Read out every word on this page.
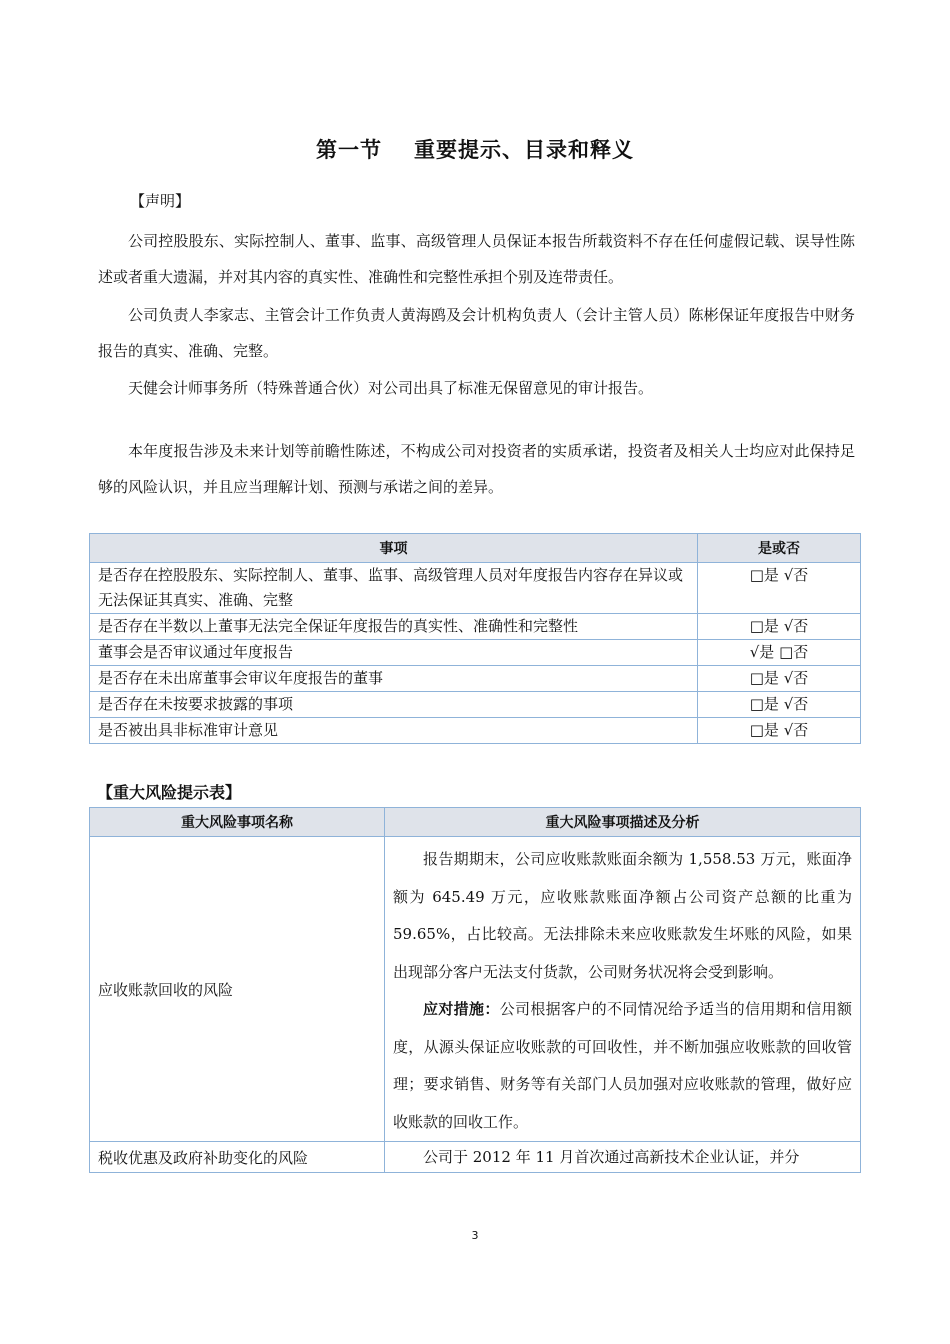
第一节 重要提示、目录和释义
【声明】
公司控股股东、实际控制人、董事、监事、高级管理人员保证本报告所载资料不存在任何虚假记载、误导性陈述或者重大遗漏，并对其内容的真实性、准确性和完整性承担个别及连带责任。
公司负责人李家志、主管会计工作负责人黄海鸥及会计机构负责人（会计主管人员）陈彬保证年度报告中财务报告的真实、准确、完整。
天健会计师事务所（特殊普通合伙）对公司出具了标准无保留意见的审计报告。
本年度报告涉及未来计划等前瞻性陈述，不构成公司对投资者的实质承诺，投资者及相关人士均应对此保持足够的风险认识，并且应当理解计划、预测与承诺之间的差异。
事项	是或否
是否存在控股股东、实际控制人、董事、监事、高级管理人员对年度报告内容存在异议或无法保证其真实、准确、完整	□是 √否
是否存在半数以上董事无法完全保证年度报告的真实性、准确性和完整性	□是 √否
董事会是否审议通过年度报告	√是 □否
是否存在未出席董事会审议年度报告的董事	□是 √否
是否存在未按要求披露的事项	□是 √否
是否被出具非标准审计意见	□是 √否
【重大风险提示表】
重大风险事项名称	重大风险事项描述及分析
应收账款回收的风险	报告期期末，公司应收账款账面余额为 1,558.53 万元，账面净额为 645.49 万元，应收账款账面净额占公司资产总额的比重为 59.65%，占比较高。无法排除未来应收账款发生坏账的风险，如果出现部分客户无法支付货款，公司财务状况将会受到影响。
应对措施：公司根据客户的不同情况给予适当的信用期和信用额度，从源头保证应收账款的可回收性，并不断加强应收账款的回收管理；要求销售、财务等有关部门人员加强对应收账款的管理，做好应收账款的回收工作。

税收优惠及政府补助变化的风险	公司于 2012 年 11 月首次通过高新技术企业认证，并分
3
